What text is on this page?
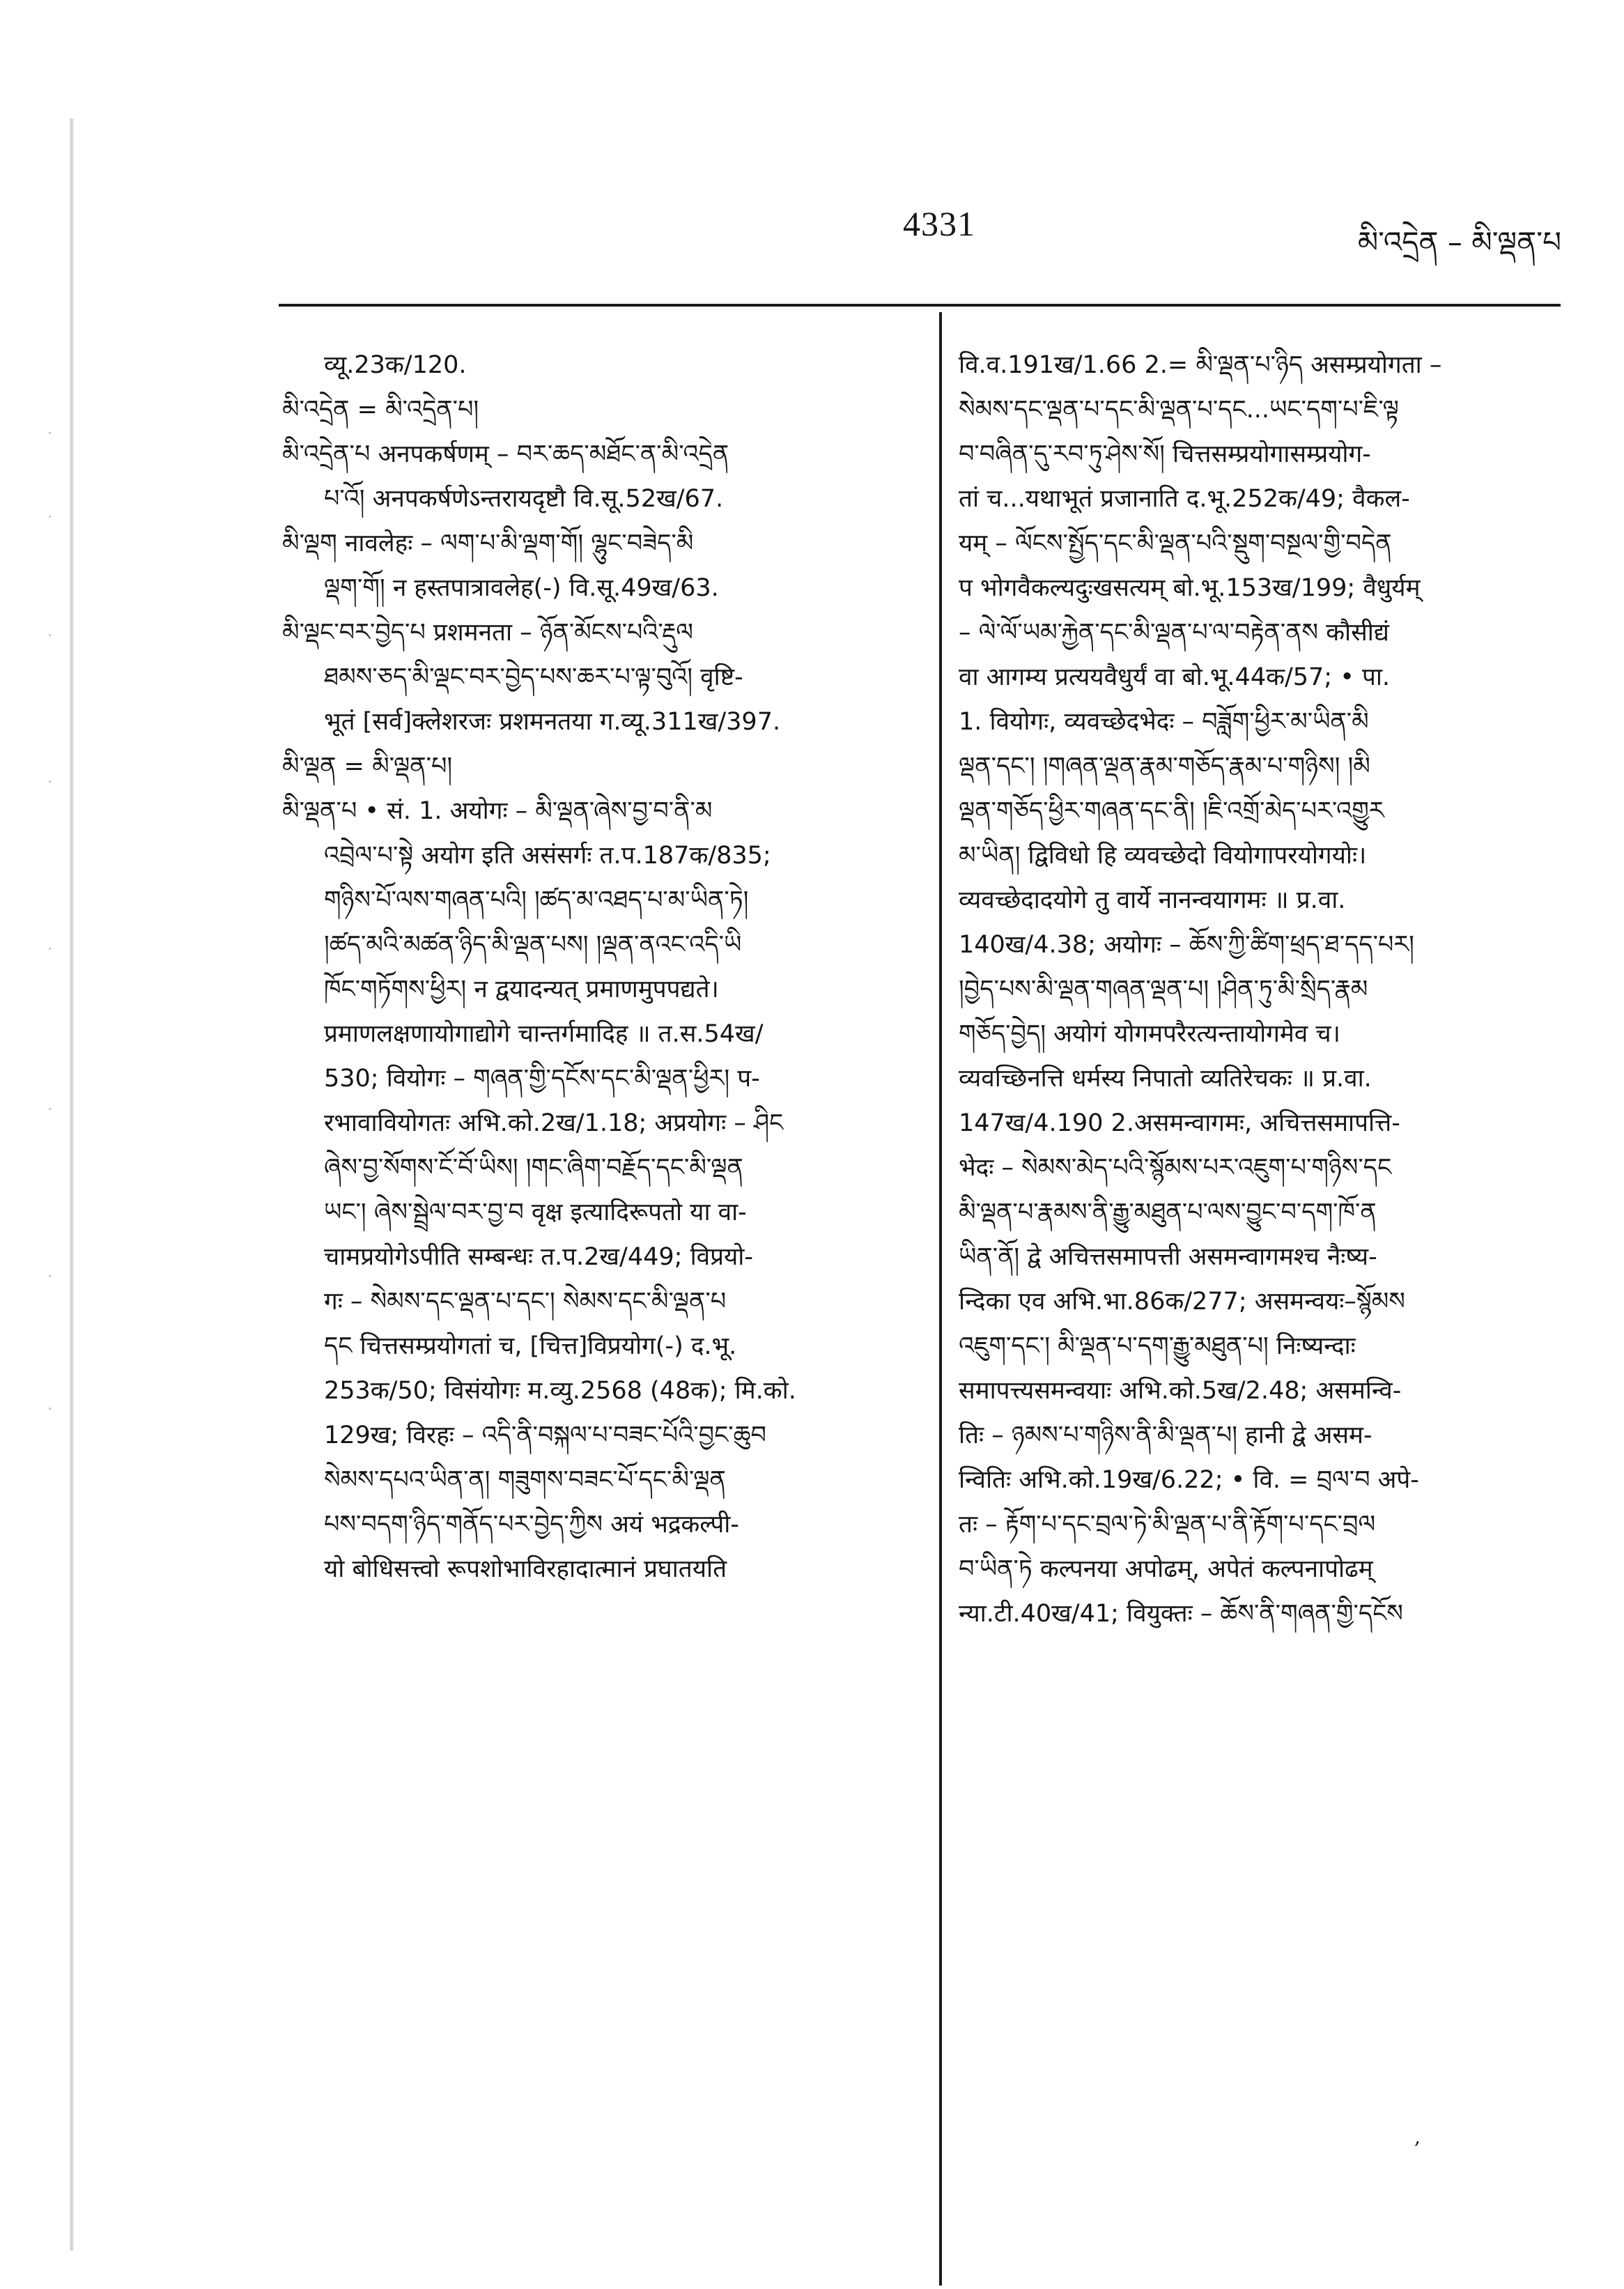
4331	མི་འདྲེན – མི་ལྡན་པ
व्यू.23क/120.
མི་འདྲེན = མི་འདྲེན་པ།
མི་འདྲེན་པ अनपकर्षणम् – བར་ཆད་མཐོང་ན་མི་འདྲེན
པ་འོ། अनपकर्षणेऽन्तरायदृष्टौ वि.सू.52ख/67.
མི་ལྡག नावलेहः – ལག་པ་མི་ལྡག་གོ། ལྷུང་བཟེད་མི
ལྡག་གོ། न हस्तपात्रावलेह(-) वि.सू.49ख/63.
མི་ལྡང་བར་བྱེད་པ प्रशमनता – ཉོན་མོངས་པའི་རྡུལ
ཐམས་ཅད་མི་ལྡང་བར་བྱེད་པས་ཆར་པ་ལྟ་བུའོ། वृष्टि-
भूतं [सर्व]क्लेशरजः प्रशमनतया ग.व्यू.311ख/397.
མི་ལྡན = མི་ལྡན་པ།
མི་ལྡན་པ • सं. 1. अयोगः – མི་ལྡན་ཞེས་བྱ་བ་ནི་མ
འབྲེལ་པ་སྟེ अयोग इति असंसर्गः त.प.187क/835;
གཉིས་པོ་ལས་གཞན་པའི། །ཚད་མ་འཐད་པ་མ་ཡིན་ཏེ།
།ཚད་མའི་མཚན་ཉིད་མི་ལྡན་པས། །ལྡན་ནའང་འདི་ཡི
ཁོང་གཏོགས་ཕྱིར། न द्वयादन्यत् प्रमाणमुपपद्यते।
प्रमाणलक्षणायोगाद्योगे चान्तर्गमादिह ॥ त.स.54ख/
530; वियोगः – གཞན་གྱི་དངོས་དང་མི་ལྡན་ཕྱིར། प-
रभावावियोगतः अभि.को.2ख/1.18; अप्रयोगः – ཤིང
ཞེས་བྱ་སོགས་ངོ་བོ་ཡིས། །གང་ཞིག་བརྗོད་དང་མི་ལྡན
ཡང་། ཞེས་སྦྲེལ་བར་བྱ་བ वृक्ष इत्यादिरूपतो या वा-
चामप्रयोगेऽपीति सम्बन्धः त.प.2ख/449; विप्रयो-
गः – སེམས་དང་ལྡན་པ་དང་། སེམས་དང་མི་ལྡན་པ
དང चित्तसम्प्रयोगतां च, [चित्त]विप्रयोग(-) द.भू.
253क/50; विसंयोगः म.व्यु.2568 (48क); मि.को.
129ख; विरहः – འདི་ནི་བསྐལ་པ་བཟང་པོའི་བྱང་ཆུབ
སེམས་དཔའ་ཡིན་ན། གཟུགས་བཟང་པོ་དང་མི་ལྡན
པས་བདག་ཉིད་གནོད་པར་བྱེད་ཀྱིས अयं भद्रकल्पी-
यो बोधिसत्त्वो रूपशोभाविरहादात्मानं प्रघातयति
वि.व.191ख/1.66 2.= མི་ལྡན་པ་ཉིད असम्प्रयोगता –
སེམས་དང་ལྡན་པ་དང་མི་ལྡན་པ་དང...ཡང་དག་པ་ཇི་ལྟ
བ་བཞིན་དུ་རབ་ཏུ་ཤེས་སོ། चित्तसम्प्रयोगासम्प्रयोग-
तां च...यथाभूतं प्रजानाति द.भू.252क/49; वैकल-
यम् – ལོངས་སྤྱོད་དང་མི་ལྡན་པའི་སྡུག་བསྔལ་གྱི་བདེན
प भोगवैकल्यदुःखसत्यम् बो.भू.153ख/199; वैधुर्यम्
– ལེ་ལོ་ཡམ་རྐྱེན་དང་མི་ལྡན་པ་ལ་བརྟེན་ནས कौसीद्यं
वा आगम्य प्रत्ययवैधुर्यं वा बो.भू.44क/57; • पा.
1. वियोगः, व्यवच्छेदभेदः – བཟློག་ཕྱིར་མ་ཡིན་མི
ལྡན་དང་། །གཞན་ལྡན་རྣམ་གཅོད་རྣམ་པ་གཉིས། །མི
ལྡན་གཅོད་ཕྱིར་གཞན་དང་ནི། །ཇི་འགྲོ་མེད་པར་འགྱུར
མ་ཡིན། द्विविधो हि व्यवच्छेदो वियोगापरयोगयोः।
व्यवच्छेदादयोगे तु वार्ये नानन्वयागमः ॥ प्र.वा.
140ख/4.38; अयोगः – ཆོས་ཀྱི་ཚིག་ཕྲད་ཐ་དད་པར།
།བྱེད་པས་མི་ལྡན་གཞན་ལྡན་པ། །ཤིན་ཏུ་མི་སྲིད་རྣམ
གཅོད་བྱེད། अयोगं योगमपरैरत्यन्तायोगमेव च।
व्यवच्छिनत्ति धर्मस्य निपातो व्यतिरेचकः ॥ प्र.वा.
147ख/4.190 2.असमन्वागमः, अचित्तसमापत्ति-
भेदः – སེམས་མེད་པའི་སྙོམས་པར་འཇུག་པ་གཉིས་དང
མི་ལྡན་པ་རྣམས་ནི་རྒྱུ་མཐུན་པ་ལས་བྱུང་བ་དག་ཁོ་ན
ཡིན་ནོ། द्वे अचित्तसमापत्ती असमन्वागमश्च नैःष्य-
न्दिका एव अभि.भा.86क/277; असमन्वयः–སྙོམས
འཇུག་དང་། མི་ལྡན་པ་དག་རྒྱུ་མཐུན་པ། निःष्यन्दाः
समापत्त्यसमन्वयाः अभि.को.5ख/2.48; असमन्वि-
तिः – ཉམས་པ་གཉིས་ནི་མི་ལྡན་པ། हानी द्वे असम-
न्वितिः अभि.को.19ख/6.22; • वि. = བྲལ་བ अपे-
तः – རྟོག་པ་དང་བྲལ་ཏེ་མི་ལྡན་པ་ནི་རྟོག་པ་དང་བྲལ
བ་ཡིན་ཏེ कल्पनया अपोढम्, अपेतं कल्पनापोढम्
न्या.टी.40ख/41; वियुक्तः – ཆོས་ནི་གཞན་གྱི་དངོས
,
